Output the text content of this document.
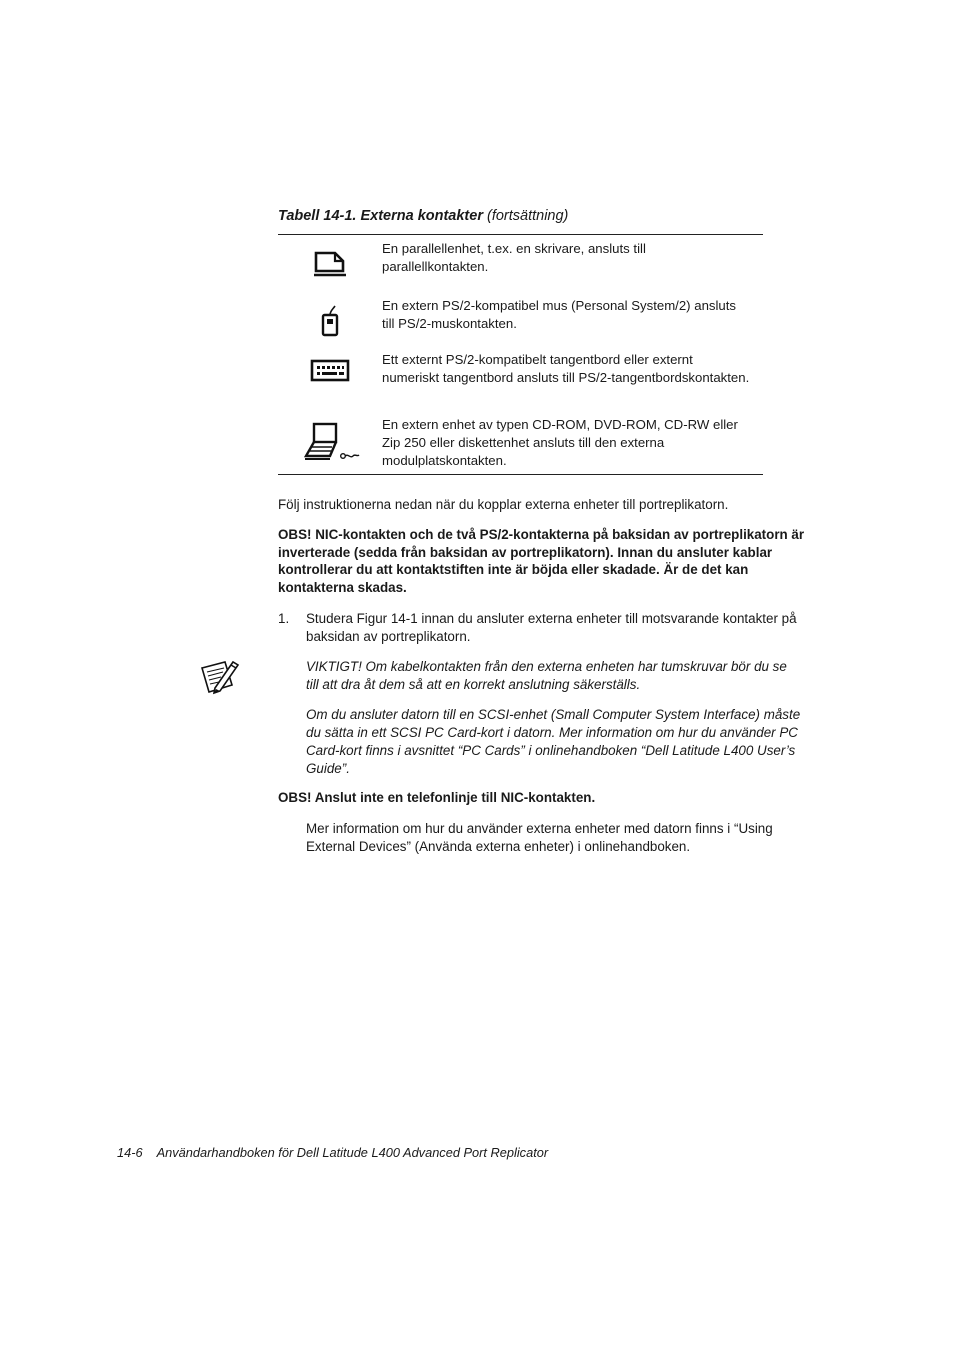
Tabell 14-1. Externa kontakter (fortsättning)
En parallellenhet, t.ex. en skrivare, ansluts till parallellkontakten.
En extern PS/2-kompatibel mus (Personal System/2) ansluts till PS/2-muskontakten.
Ett externt PS/2-kompatibelt tangentbord eller externt numeriskt tangentbord ansluts till PS/2-tangentbordskontakten.
En extern enhet av typen CD-ROM, DVD-ROM, CD-RW eller Zip 250 eller diskettenhet ansluts till den externa modulplatskontakten.
Följ instruktionerna nedan när du kopplar externa enheter till portreplikatorn.
OBS! NIC-kontakten och de två PS/2-kontakterna på baksidan av portreplikatorn är inverterade (sedda från baksidan av portreplikatorn). Innan du ansluter kablar kontrollerar du att kontaktstiften inte är böjda eller skadade. Är de det kan kontakterna skadas.
1. Studera Figur 14-1 innan du ansluter externa enheter till motsvarande kontakter på baksidan av portreplikatorn.
VIKTIGT! Om kabelkontakten från den externa enheten har tumskruvar bör du se till att dra åt dem så att en korrekt anslutning säkerställs.
Om du ansluter datorn till en SCSI-enhet (Small Computer System Interface) måste du sätta in ett SCSI PC Card-kort i datorn. Mer information om hur du använder PC Card-kort finns i avsnittet “PC Cards” i onlinehandboken “Dell Latitude L400 User’s Guide”.
OBS! Anslut inte en telefonlinje till NIC-kontakten.
Mer information om hur du använder externa enheter med datorn finns i “Using External Devices” (Använda externa enheter) i onlinehandboken.
14-6 Användarhandboken för Dell Latitude L400 Advanced Port Replicator
